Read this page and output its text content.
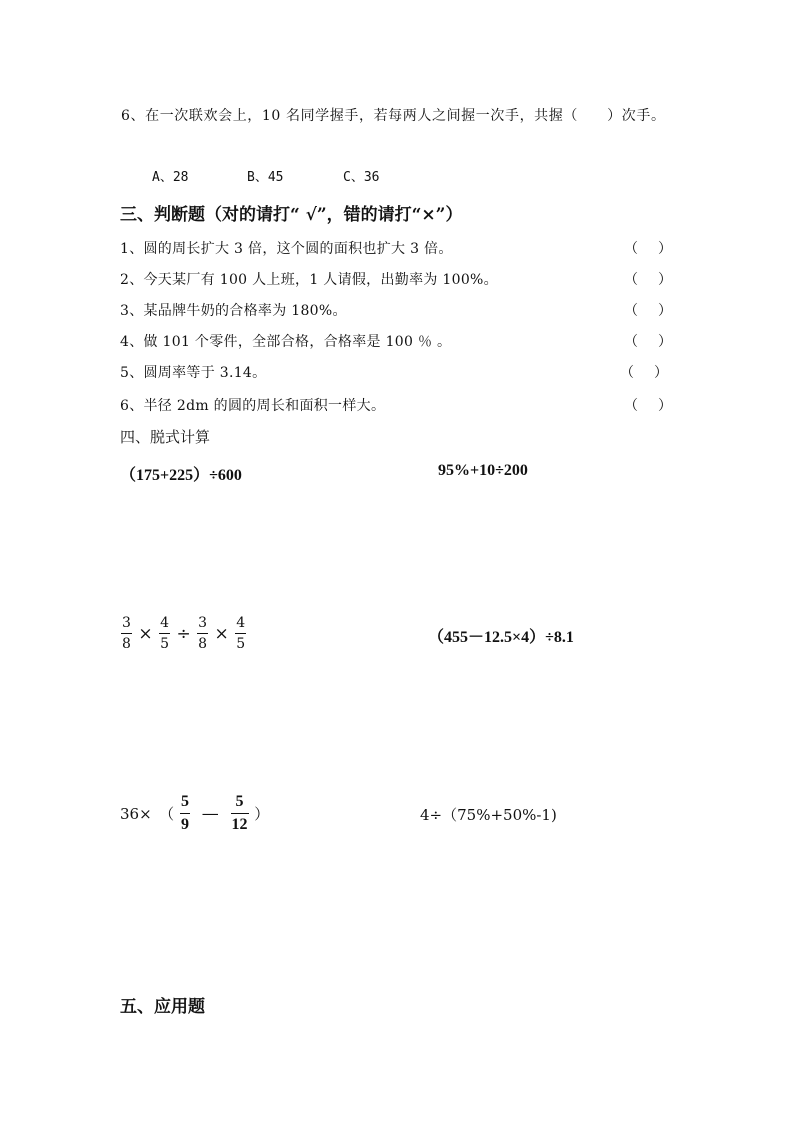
6、在一次联欢会上，10 名同学握手，若每两人之间握一次手，共握（　　）次手。
A、28	B、45	C、36
三、判断题（对的请打“ √”，错的请打“×”）
1、圆的周长扩大 3 倍，这个圆的面积也扩大 3 倍。	（ ）
2、今天某厂有 100 人上班，1 人请假，出勤率为 100%。	（ ）
3、某品牌牛奶的合格率为 180%。	（ ）
4、做 101 个零件，全部合格，合格率是 100 ％ 。	（ ）
5、圆周率等于 3.14。	（ ）
6、半径 2dm 的圆的周长和面积一样大。	（ ）
四、脱式计算
（175+225）÷600	95%+10÷200
$\frac{3}{8} \times \frac{4}{5} \div \frac{3}{8} \times \frac{4}{5}$	（455－12.5×4）÷8.1
36×　（ $\frac{5}{9}$ — $\frac{5}{12}$ ）	4÷（75%+50%-1)
五、应用题
